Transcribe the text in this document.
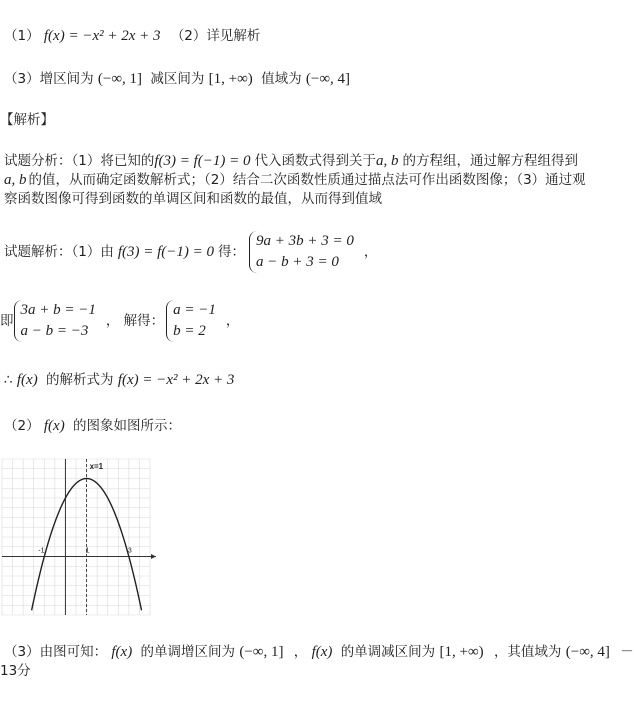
（1） f(x) = −x² + 2x + 3 （2）详见解析
（3）增区间为 (−∞, 1] 减区间为 [1, +∞) 值域为 (−∞, 4]
【解析】
试题分析：（1）将已知的f(3) = f(−1) = 0 代入函数式得到关于a, b 的方程组，通过解方程组得到
a, b 的值，从而确定函数解析式；（2）结合二次函数性质通过描点法可作出函数图像；（3）通过观
察函数图像可得到函数的单调区间和函数的最值，从而得到值域
试题解析：（1）由 f(3) = f(−1) = 0 得：
9a + 3b + 3 = 0
a − b + 3 = 0
，
即
3a + b = −1
a − b = −3
， 解得：
a = −1
b = 2
，
∴ f(x) 的解析式为 f(x) = −x² + 2x + 3
（2） f(x) 的图象如图所示：
x=1
-1	1	3
（3）由图可知： f(x) 的单调增区间为 (−∞, 1] ， f(x) 的单调减区间为 [1, +∞) ，其值域为 (−∞, 4] －
13分
